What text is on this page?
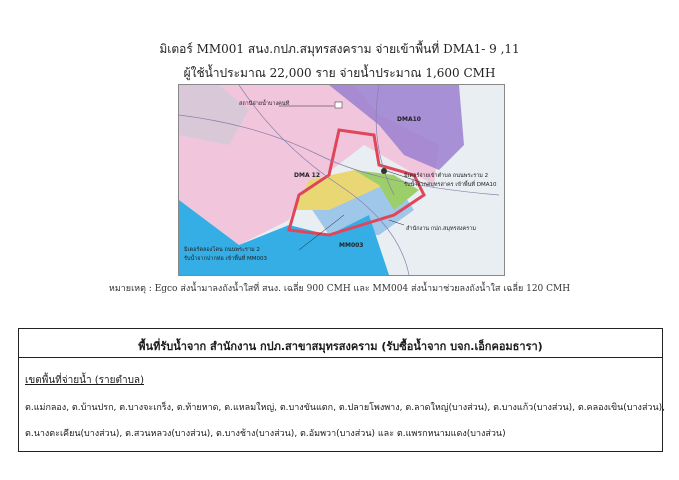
มิเตอร์ MM001 สนง.กปภ.สมุทรสงคราม จ่ายเข้าพื้นที่ DMA1- 9 ,11
ผู้ใช้น้ำประมาณ 22,000 ราย จ่ายน้ำประมาณ 1,600 CMH
สถานีจ่ายน้ำบางคนที
DMA10
DMA 12
MM003
มิเตอร์จ่ายเข้าตำบล ถนนพระราม 2
รับน้ำจากสมุทรสาคร เข้าพื้นที่ DMA10
มิเตอร์คลองโคน ถนนพระราม 2
รับน้ำจากปากท่อ เข้าพื้นที่ MM003
สำนักงาน กปภ.สมุทรสงคราม
หมายเหตุ : Egco ส่งน้ำมาลงถังน้ำใสที่ สนง. เฉลี่ย 900 CMH และ MM004 ส่งน้ำมาช่วยลงถังน้ำใส เฉลี่ย 120 CMH
พื้นที่รับน้ำจาก สำนักงาน กปภ.สาขาสมุทรสงคราม (รับซื้อน้ำจาก บจก.เอ็กคอมธารา)
เขตพื้นที่จ่ายน้ำ (รายตำบล)
ต.แม่กลอง, ต.บ้านปรก, ต.บางจะเกร็ง, ต.ท้ายหาด, ต.แหลมใหญ่, ต.บางขันแตก, ต.ปลายโพงพาง, ต.ลาดใหญ่(บางส่วน), ต.บางแก้ว(บางส่วน), ต.คลองเขิน(บางส่วน),
ต.นางตะเคียน(บางส่วน), ต.สวนหลวง(บางส่วน), ต.บางช้าง(บางส่วน), ต.อัมพวา(บางส่วน) และ ต.แพรกหนามแดง(บางส่วน)
